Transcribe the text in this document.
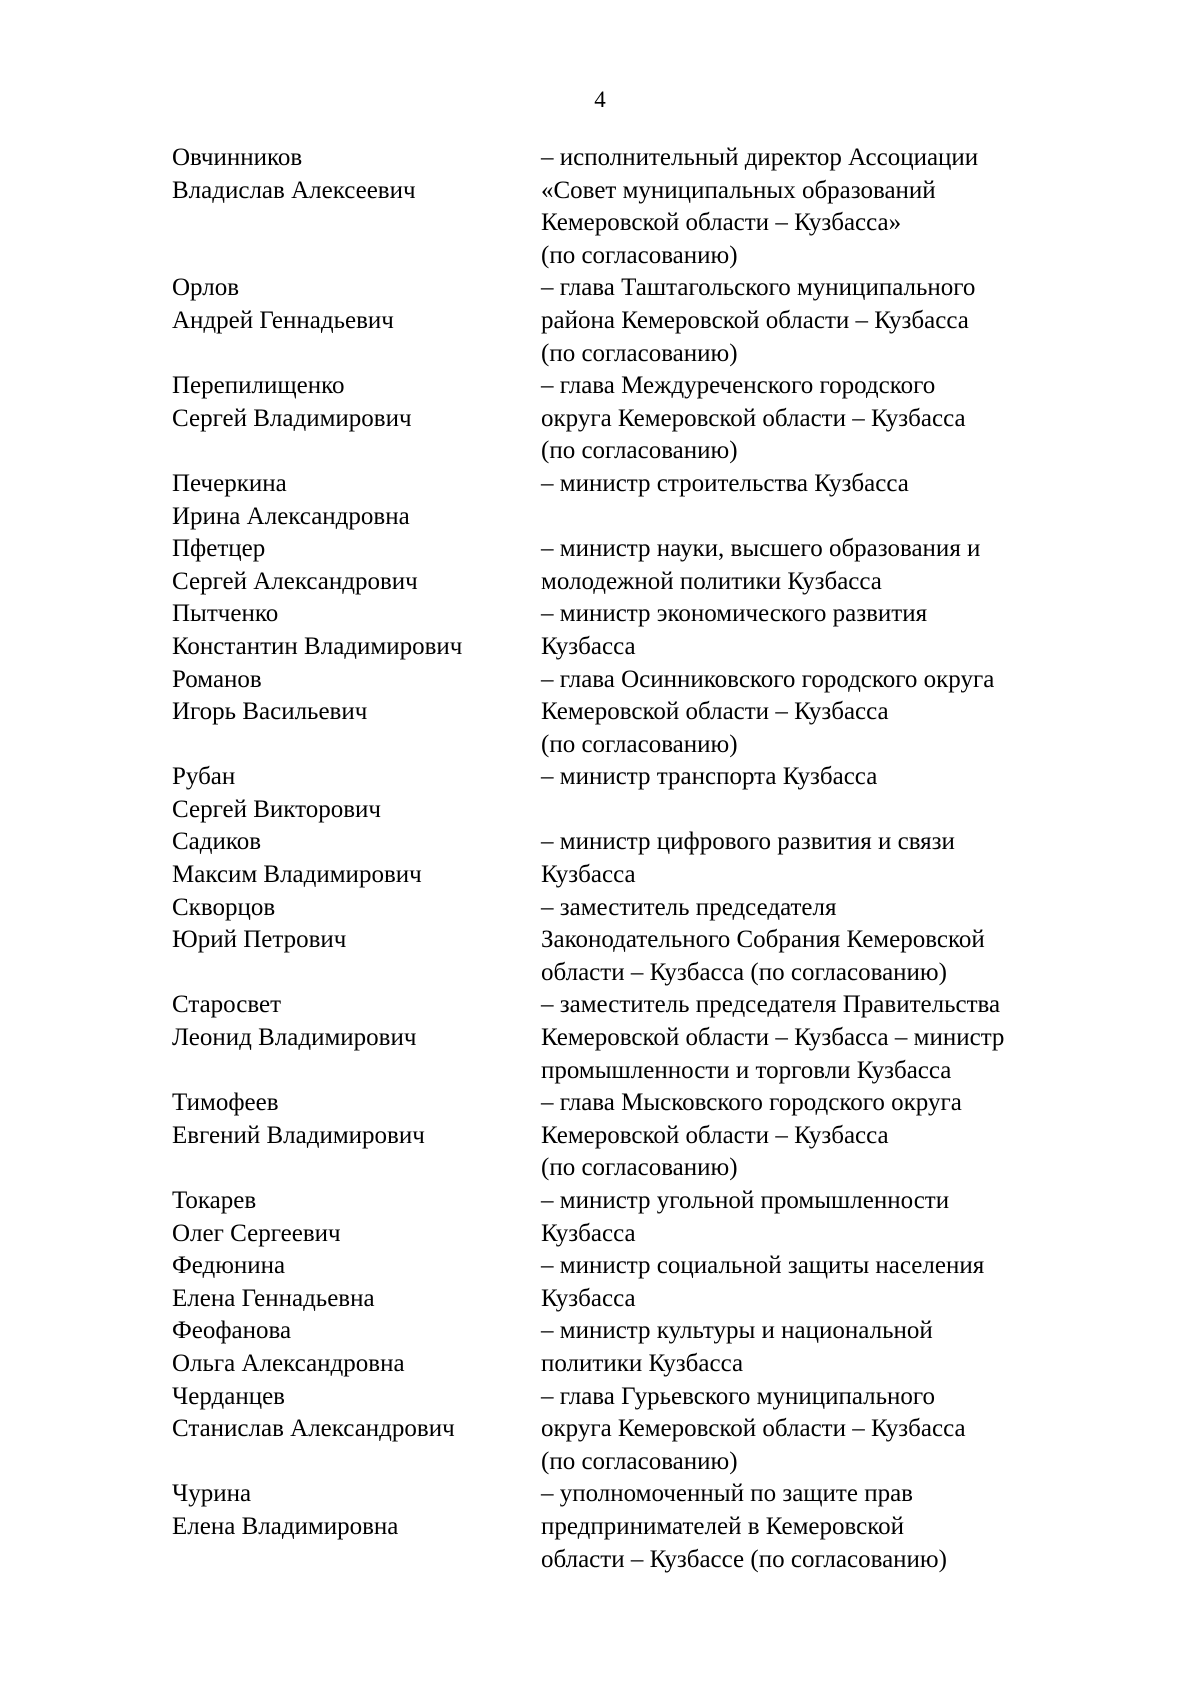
4
Овчинников
Владислав Алексеевич
– исполнительный директор Ассоциации
«Совет муниципальных образований
Кемеровской области – Кузбасса»
(по согласованию)
Орлов
Андрей Геннадьевич
– глава Таштагольского муниципального
района Кемеровской области – Кузбасса
(по согласованию)
Перепилищенко
Сергей Владимирович
– глава Междуреченского городского
округа Кемеровской области – Кузбасса
(по согласованию)
Печеркина
Ирина Александровна
– министр строительства Кузбасса
Пфетцер
Сергей Александрович
– министр науки, высшего образования и
молодежной политики Кузбасса
Пытченко
Константин Владимирович
– министр экономического развития
Кузбасса
Романов
Игорь Васильевич
– глава Осинниковского городского округа
Кемеровской области – Кузбасса
(по согласованию)
Рубан
Сергей Викторович
– министр транспорта Кузбасса
Садиков
Максим Владимирович
– министр цифрового развития и связи
Кузбасса
Скворцов
Юрий Петрович
– заместитель председателя
Законодательного Собрания Кемеровской
области – Кузбасса (по согласованию)
Старосвет
Леонид Владимирович
– заместитель председателя Правительства
Кемеровской области – Кузбасса – министр
промышленности и торговли Кузбасса
Тимофеев
Евгений Владимирович
– глава Мысковского городского округа
Кемеровской области – Кузбасса
(по согласованию)
Токарев
Олег Сергеевич
– министр угольной промышленности
Кузбасса
Федюнина
Елена Геннадьевна
– министр социальной защиты населения
Кузбасса
Феофанова
Ольга Александровна
– министр культуры и национальной
политики Кузбасса
Черданцев
Станислав Александрович
– глава Гурьевского муниципального
округа Кемеровской области – Кузбасса
(по согласованию)
Чурина
Елена Владимировна
– уполномоченный по защите прав
предпринимателей в Кемеровской
области – Кузбассе (по согласованию)
